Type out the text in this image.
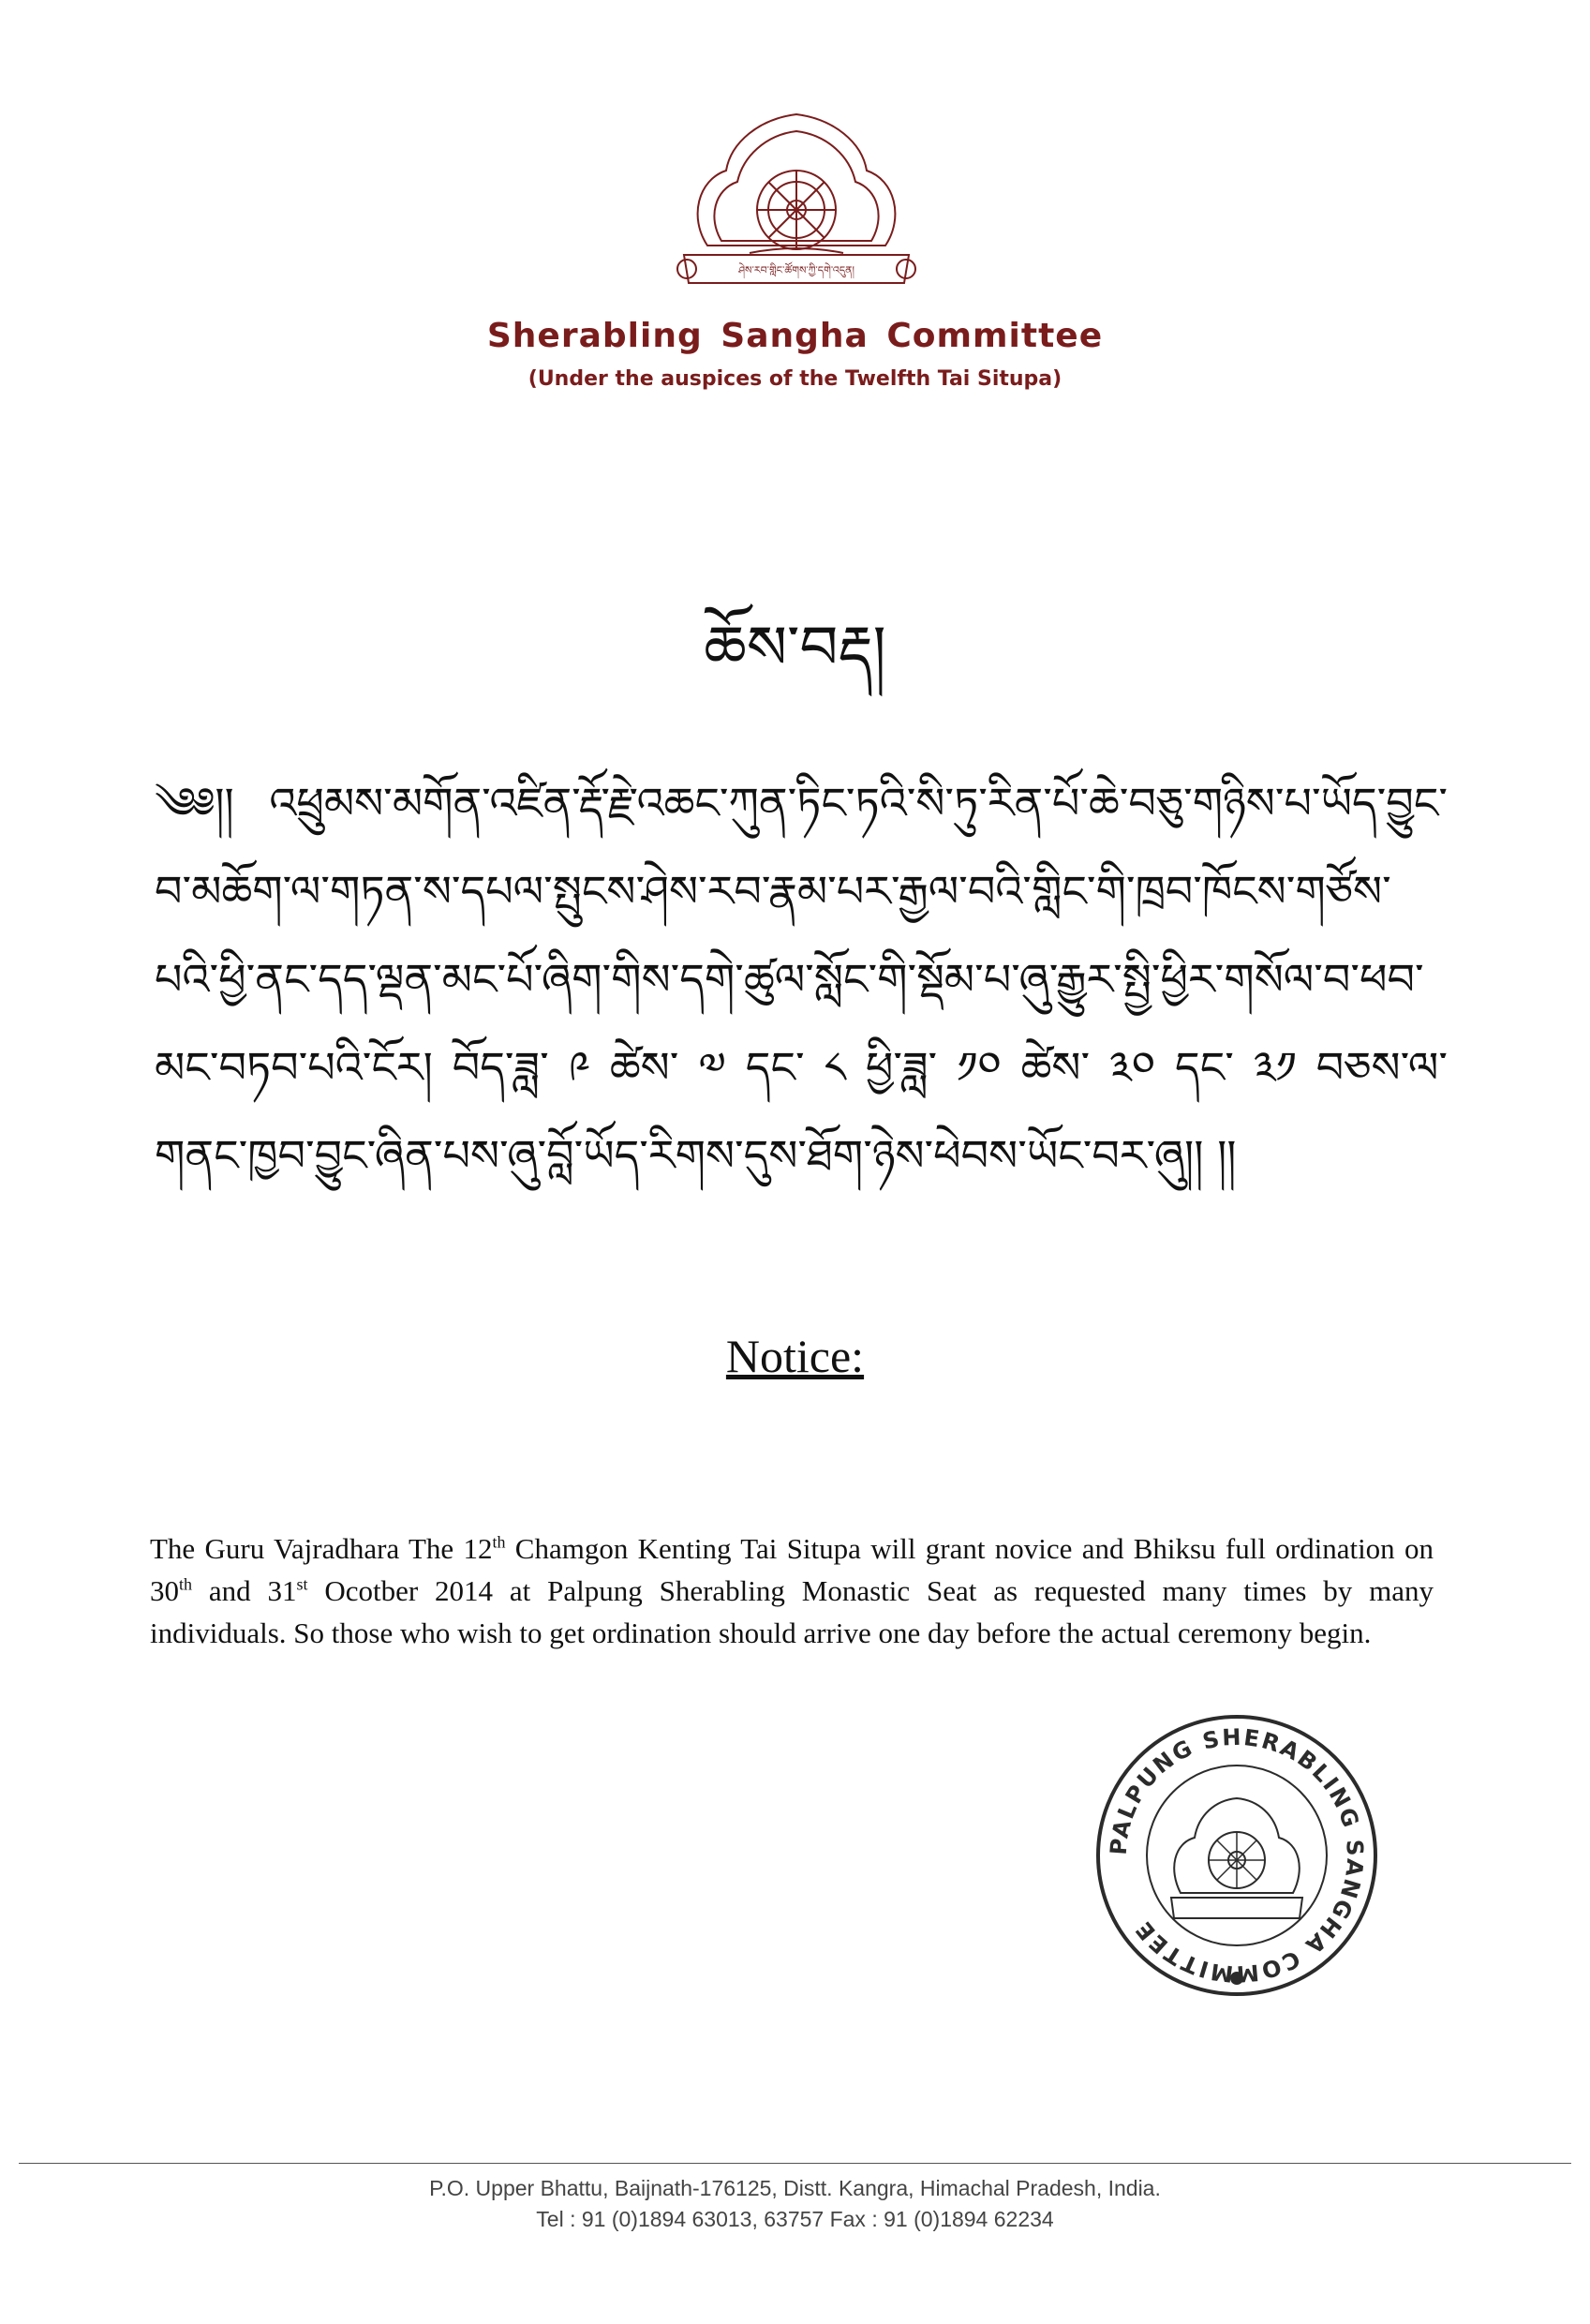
ཤེས་རབ་གླིང་ཚོགས་ཀྱི་དགེ་འདུན།
Sherabling Sangha Committee
(Under the auspices of the Twelfth Tai Situpa)
ཆོས་བརྡ།
༄༅།། འཕྲུམས་མགོན་འཛིན་རྡོ་རྗེ་འཆང་ཀུན་ཏིང་ཏའི་སི་ཏུ་རིན་པོ་ཆེ་བཅུ་གཉིས་པ་ཡོད་བྱུང་བ་མཆོག་ལ་གཏན་ས་དཔལ་སྤུངས་ཤེས་རབ་རྣམ་པར་རྒྱལ་བའི་གླིང་གི་ཁྲབ་ཁོངས་གཙོས་པའི་ཕྱི་ནང་དད་ལྡན་མང་པོ་ཞིག་གིས་དགེ་ཚུལ་སློང་གི་སྡོམ་པ་ཞུ་རྒྱུར་སྤྱི་ཕྱིར་གསོལ་བ་ཕབ་མང་བཏབ་པའི་ངོར། བོད་ཟླ་ ༩ ཚེས་ ༧ དང་ ༨ ཕྱི་ཟླ་ ༡༠ ཚེས་ ༣༠ དང་ ༣༡ བཅས་ལ་གནང་ཁྱབ་བྱུང་ཞིན་པས་ཞུ་བློ་ཡོད་རིགས་དུས་ཐོག་ཉེས་ཕེབས་ཡོང་བར་ཞུ།། །།
Notice:
The Guru Vajradhara The 12th Chamgon Kenting Tai Situpa will grant novice and Bhiksu full ordination on 30th and 31st Ocotber 2014 at Palpung Sherabling Monastic Seat as requested many times by many individuals. So those who wish to get ordination should arrive one day before the actual ceremony begin.
PALPUNG SHERABLING SANGHA COMMITTEE
P.O. Upper Bhattu, Baijnath-176125, Distt. Kangra, Himachal Pradesh, India.
Tel : 91 (0)1894 63013, 63757 Fax : 91 (0)1894 62234
